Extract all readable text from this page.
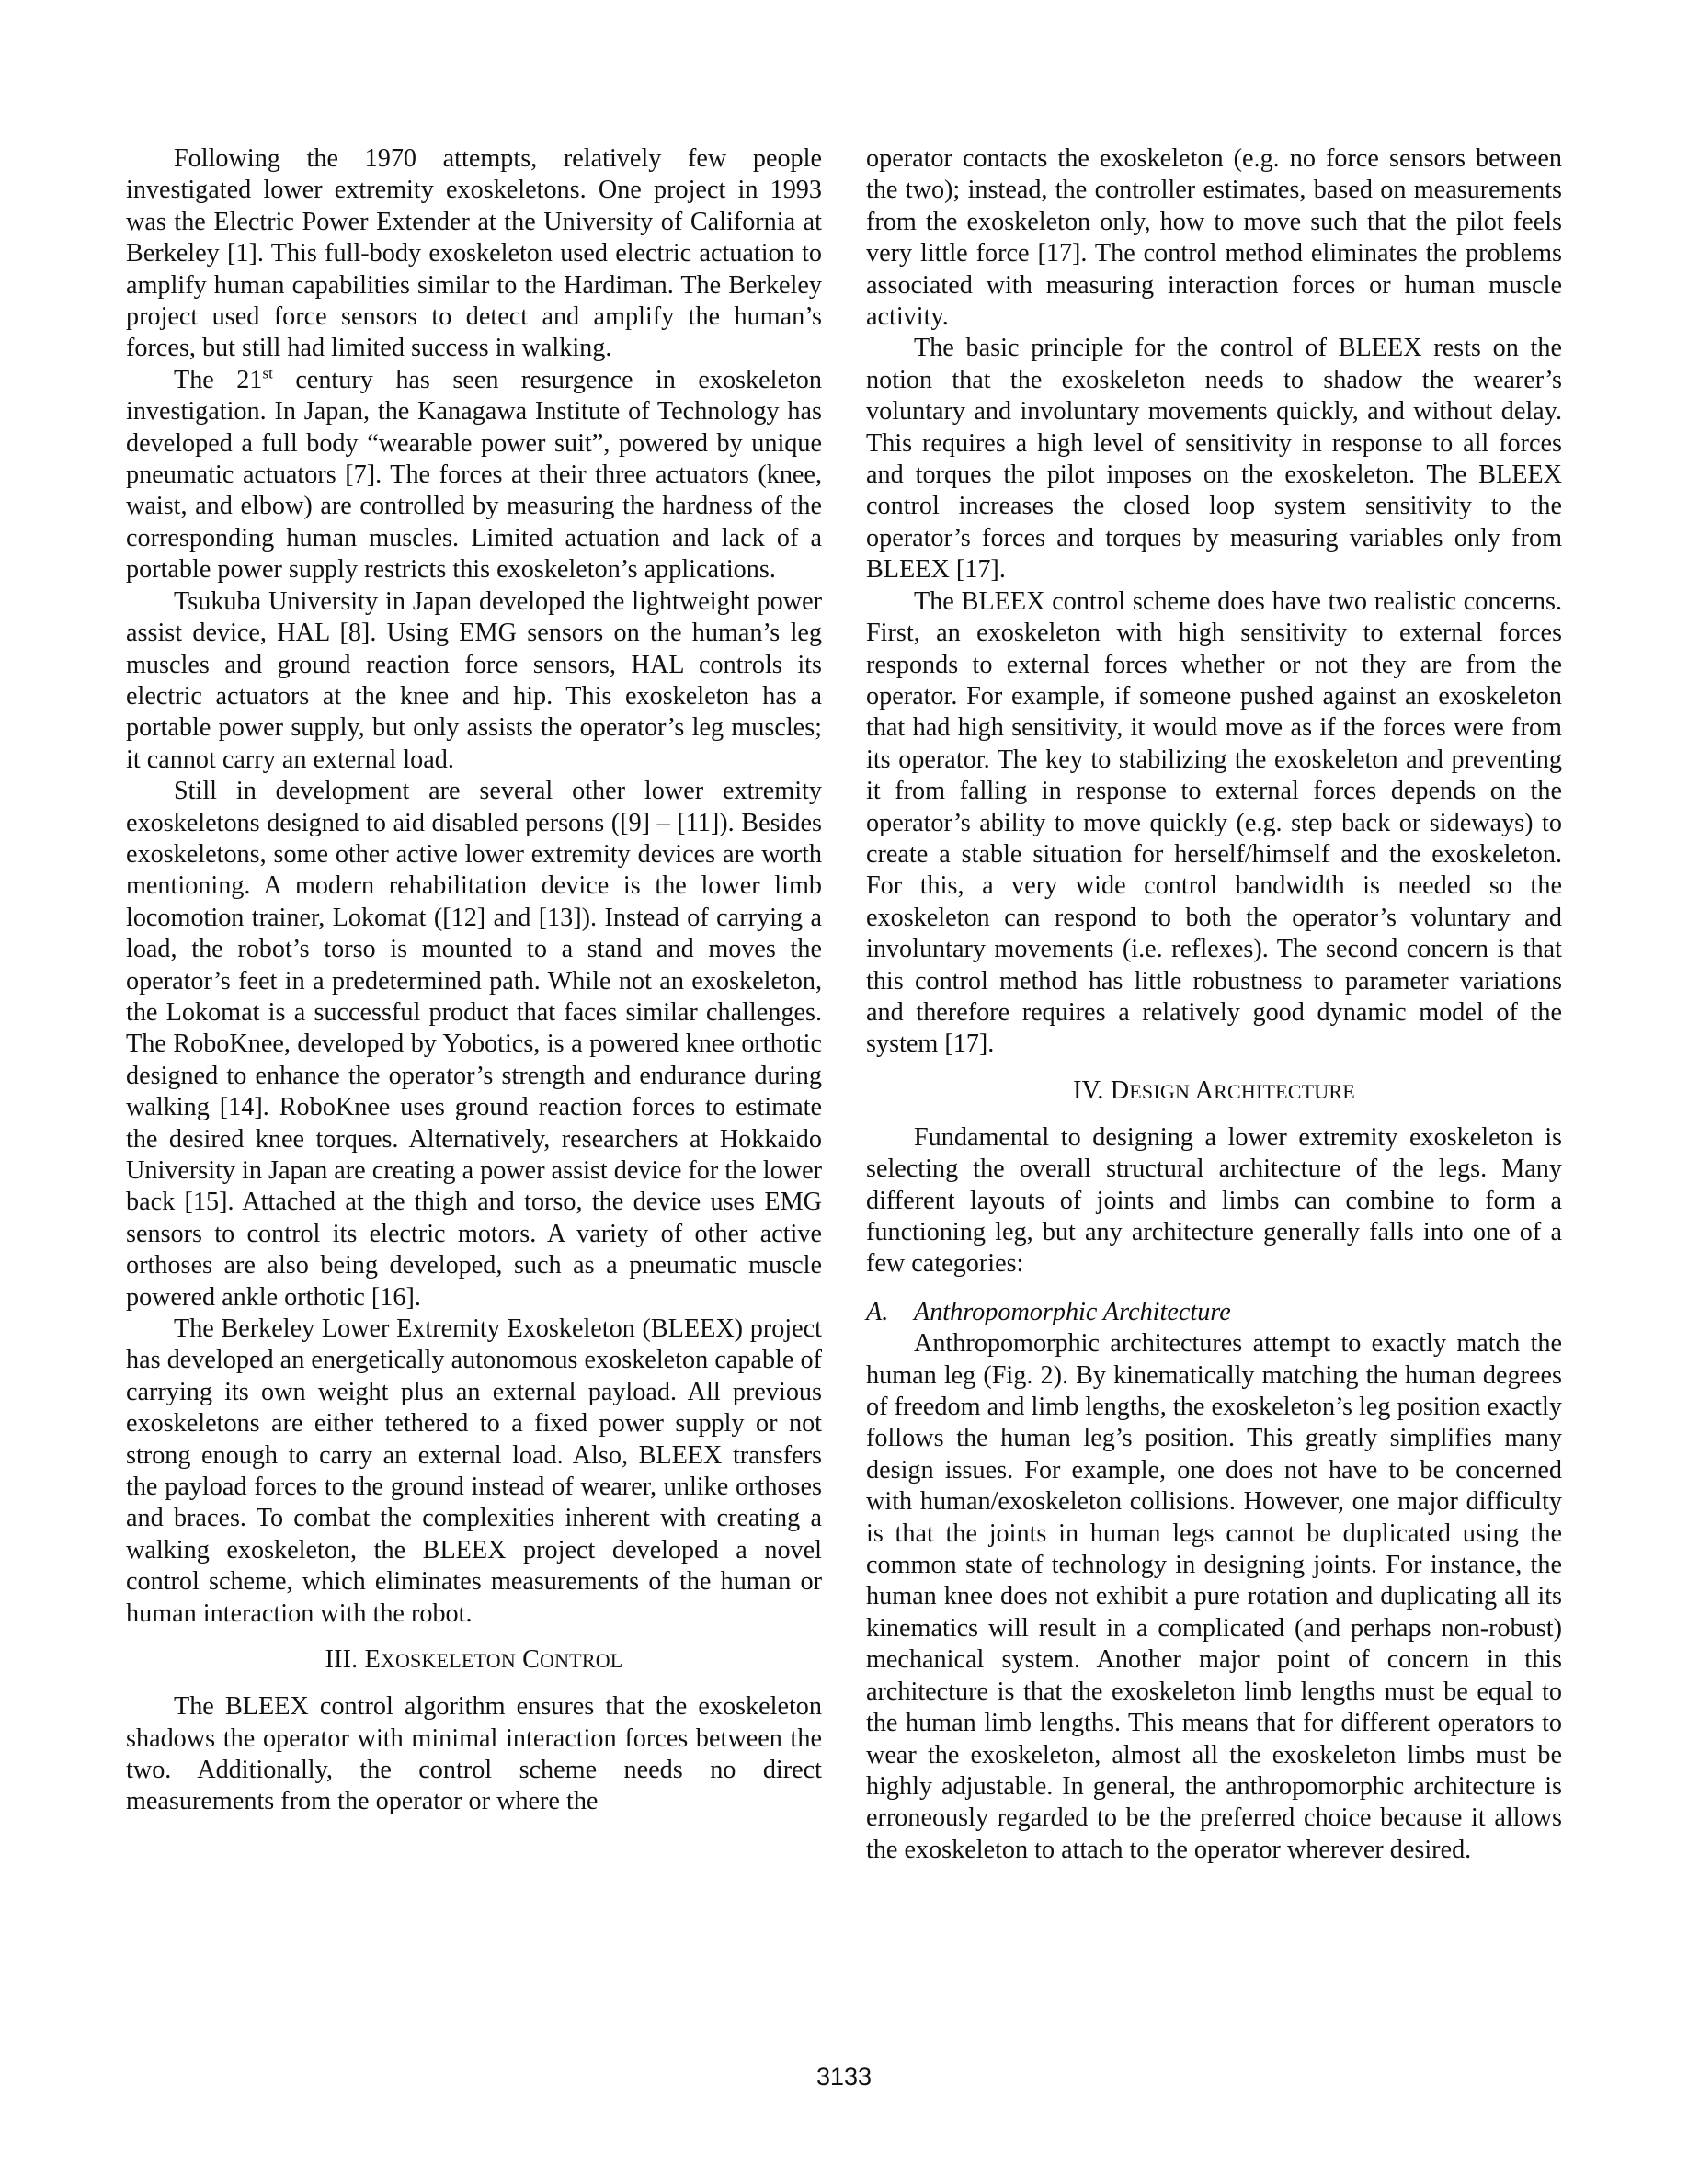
Following the 1970 attempts, relatively few people investigated lower extremity exoskeletons. One project in 1993 was the Electric Power Extender at the University of California at Berkeley [1]. This full-body exoskeleton used electric actuation to amplify human capabilities similar to the Hardiman. The Berkeley project used force sensors to detect and amplify the human’s forces, but still had limited success in walking.

The 21st century has seen resurgence in exoskeleton investigation. In Japan, the Kanagawa Institute of Technology has developed a full body “wearable power suit”, powered by unique pneumatic actuators [7]. The forces at their three actuators (knee, waist, and elbow) are controlled by measuring the hardness of the corresponding human muscles. Limited actuation and lack of a portable power supply restricts this exoskeleton’s applications.

Tsukuba University in Japan developed the lightweight power assist device, HAL [8]. Using EMG sensors on the human’s leg muscles and ground reaction force sensors, HAL controls its electric actuators at the knee and hip. This exoskeleton has a portable power supply, but only assists the operator’s leg muscles; it cannot carry an external load.

Still in development are several other lower extremity exoskeletons designed to aid disabled persons ([9] – [11]). Besides exoskeletons, some other active lower extremity devices are worth mentioning. A modern rehabilitation device is the lower limb locomotion trainer, Lokomat ([12] and [13]). Instead of carrying a load, the robot’s torso is mounted to a stand and moves the operator’s feet in a predetermined path. While not an exoskeleton, the Lokomat is a successful product that faces similar challenges. The RoboKnee, developed by Yobotics, is a powered knee orthotic designed to enhance the operator’s strength and endurance during walking [14]. RoboKnee uses ground reaction forces to estimate the desired knee torques. Alternatively, researchers at Hokkaido University in Japan are creating a power assist device for the lower back [15]. Attached at the thigh and torso, the device uses EMG sensors to control its electric motors. A variety of other active orthoses are also being developed, such as a pneumatic muscle powered ankle orthotic [16].

The Berkeley Lower Extremity Exoskeleton (BLEEX) project has developed an energetically autonomous exoskeleton capable of carrying its own weight plus an external payload. All previous exoskeletons are either tethered to a fixed power supply or not strong enough to carry an external load. Also, BLEEX transfers the payload forces to the ground instead of wearer, unlike orthoses and braces. To combat the complexities inherent with creating a walking exoskeleton, the BLEEX project developed a novel control scheme, which eliminates measurements of the human or human interaction with the robot.

III. EXOSKELETON CONTROL

The BLEEX control algorithm ensures that the exoskeleton shadows the operator with minimal interaction forces between the two. Additionally, the control scheme needs no direct measurements from the operator or where the

operator contacts the exoskeleton (e.g. no force sensors between the two); instead, the controller estimates, based on measurements from the exoskeleton only, how to move such that the pilot feels very little force [17]. The control method eliminates the problems associated with measuring interaction forces or human muscle activity.

The basic principle for the control of BLEEX rests on the notion that the exoskeleton needs to shadow the wearer’s voluntary and involuntary movements quickly, and without delay. This requires a high level of sensitivity in response to all forces and torques the pilot imposes on the exoskeleton. The BLEEX control increases the closed loop system sensitivity to the operator’s forces and torques by measuring variables only from BLEEX [17].

The BLEEX control scheme does have two realistic concerns. First, an exoskeleton with high sensitivity to external forces responds to external forces whether or not they are from the operator. For example, if someone pushed against an exoskeleton that had high sensitivity, it would move as if the forces were from its operator. The key to stabilizing the exoskeleton and preventing it from falling in response to external forces depends on the operator’s ability to move quickly (e.g. step back or sideways) to create a stable situation for herself/himself and the exoskeleton. For this, a very wide control bandwidth is needed so the exoskeleton can respond to both the operator’s voluntary and involuntary movements (i.e. reflexes). The second concern is that this control method has little robustness to parameter variations and therefore requires a relatively good dynamic model of the system [17].

IV. DESIGN ARCHITECTURE

Fundamental to designing a lower extremity exoskeleton is selecting the overall structural architecture of the legs. Many different layouts of joints and limbs can combine to form a functioning leg, but any architecture generally falls into one of a few categories:

A. Anthropomorphic Architecture

Anthropomorphic architectures attempt to exactly match the human leg (Fig. 2). By kinematically matching the human degrees of freedom and limb lengths, the exoskeleton’s leg position exactly follows the human leg’s position. This greatly simplifies many design issues. For example, one does not have to be concerned with human/exoskeleton collisions. However, one major difficulty is that the joints in human legs cannot be duplicated using the common state of technology in designing joints. For instance, the human knee does not exhibit a pure rotation and duplicating all its kinematics will result in a complicated (and perhaps non-robust) mechanical system. Another major point of concern in this architecture is that the exoskeleton limb lengths must be equal to the human limb lengths. This means that for different operators to wear the exoskeleton, almost all the exoskeleton limbs must be highly adjustable. In general, the anthropomorphic architecture is erroneously regarded to be the preferred choice because it allows the exoskeleton to attach to the operator wherever desired.

3133
